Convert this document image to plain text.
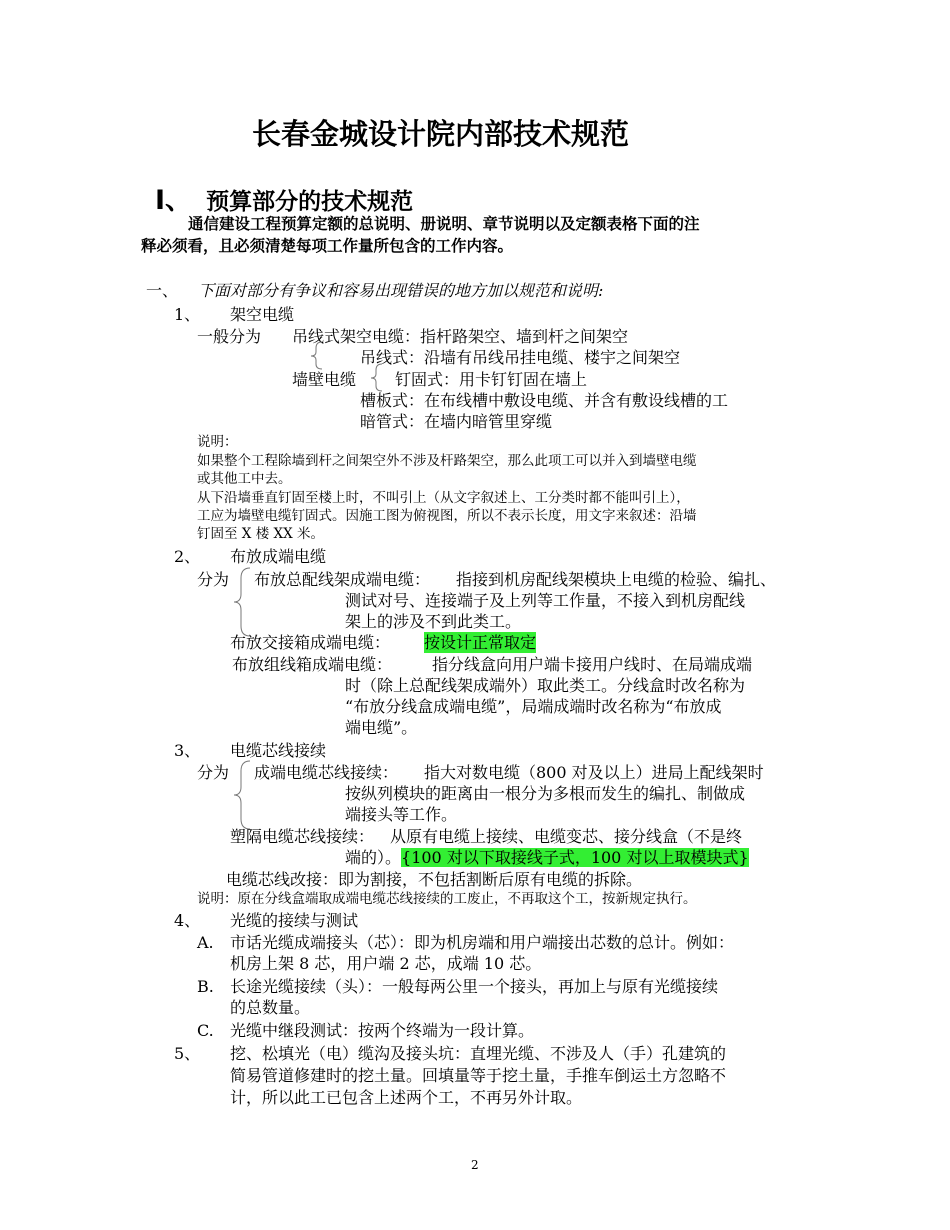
长春金城设计院内部技术规范
Ⅰ、 预算部分的技术规范
通信建设工程预算定额的总说明、册说明、章节说明以及定额表格下面的注
释必须看，且必须清楚每项工作量所包含的工作内容。
一、 下面对部分有争议和容易出现错误的地方加以规范和说明:
1、 架空电缆
一般分为 吊线式架空电缆：指杆路架空、墙到杆之间架空
吊线式：沿墙有吊线吊挂电缆、楼宇之间架空
墙壁电缆 钉固式：用卡钉钉固在墙上
槽板式：在布线槽中敷设电缆、并含有敷设线槽的工
暗管式：在墙内暗管里穿缆
说明：
如果整个工程除墙到杆之间架空外不涉及杆路架空，那么此项工可以并入到墙壁电缆
或其他工中去。
从下沿墙垂直钉固至楼上时，不叫引上（从文字叙述上、工分类时都不能叫引上），
工应为墙壁电缆钉固式。因施工图为俯视图，所以不表示长度，用文字来叙述：沿墙
钉固至 X 楼 XX 米。
2、 布放成端电缆
分为 布放总配线架成端电缆： 指接到机房配线架模块上电缆的检验、编扎、
测试对号、连接端子及上列等工作量，不接入到机房配线
架上的涉及不到此类工。
布放交接箱成端电缆： 按设计正常取定
布放组线箱成端电缆： 指分线盒向用户端卡接用户线时、在局端成端
时（除上总配线架成端外）取此类工。分线盒时改名称为
“布放分线盒成端电缆”，局端成端时改名称为“布放成
端电缆”。
3、 电缆芯线接续
分为 成端电缆芯线接续： 指大对数电缆（800 对及以上）进局上配线架时
按纵列模块的距离由一根分为多根而发生的编扎、制做成
端接头等工作。
塑隔电缆芯线接续： 从原有电缆上接续、电缆变芯、接分线盒（不是终
端的）。{100 对以下取接线子式，100 对以上取模块式}
电缆芯线改接：即为割接，不包括割断后原有电缆的拆除。
说明：原在分线盒端取成端电缆芯线接续的工废止，不再取这个工，按新规定执行。
4、 光缆的接续与测试
A. 市话光缆成端接头（芯）：即为机房端和用户端接出芯数的总计。例如：
机房上架 8 芯，用户端 2 芯，成端 10 芯。
B. 长途光缆接续（头）：一般每两公里一个接头，再加上与原有光缆接续
的总数量。
C. 光缆中继段测试：按两个终端为一段计算。
5、 挖、松填光（电）缆沟及接头坑：直埋光缆、不涉及人（手）孔建筑的
简易管道修建时的挖土量。回填量等于挖土量，手推车倒运土方忽略不
计，所以此工已包含上述两个工，不再另外计取。
2
